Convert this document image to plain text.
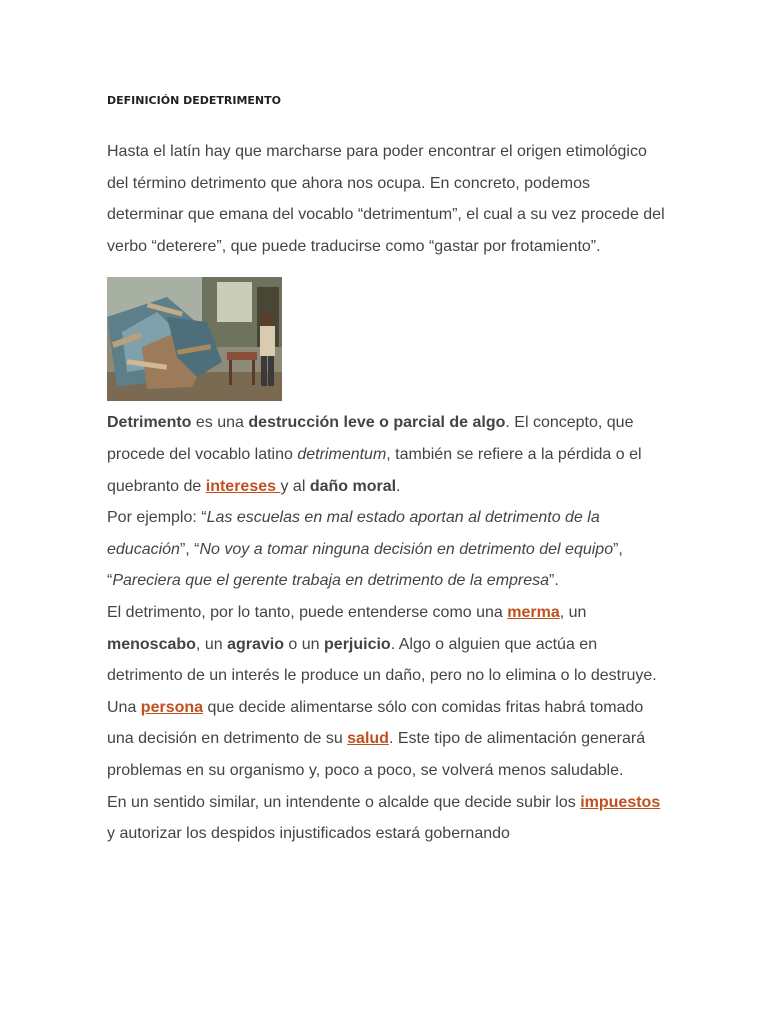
DEFINICIÓN DEDETRIMENTO

Hasta el latín hay que marcharse para poder encontrar el origen etimológico del término detrimento que ahora nos ocupa. En concreto, podemos determinar que emana del vocablo “detrimentum”, el cual a su vez procede del verbo “deterere”, que puede traducirse como “gastar por frotamiento”.

Detrimento es una destrucción leve o parcial de algo. El concepto, que procede del vocablo latino detrimentum, también se refiere a la pérdida o el quebranto de intereses y al daño moral.

Por ejemplo: “Las escuelas en mal estado aportan al detrimento de la educación”, “No voy a tomar ninguna decisión en detrimento del equipo”, “Pareciera que el gerente trabaja en detrimento de la empresa”.

El detrimento, por lo tanto, puede entenderse como una merma, un menoscabo, un agravio o un perjuicio. Algo o alguien que actúa en detrimento de un interés le produce un daño, pero no lo elimina o lo destruye.

Una persona que decide alimentarse sólo con comidas fritas habrá tomado una decisión en detrimento de su salud. Este tipo de alimentación generará problemas en su organismo y, poco a poco, se volverá menos saludable.

En un sentido similar, un intendente o alcalde que decide subir los impuestos y autorizar los despidos injustificados estará gobernando
